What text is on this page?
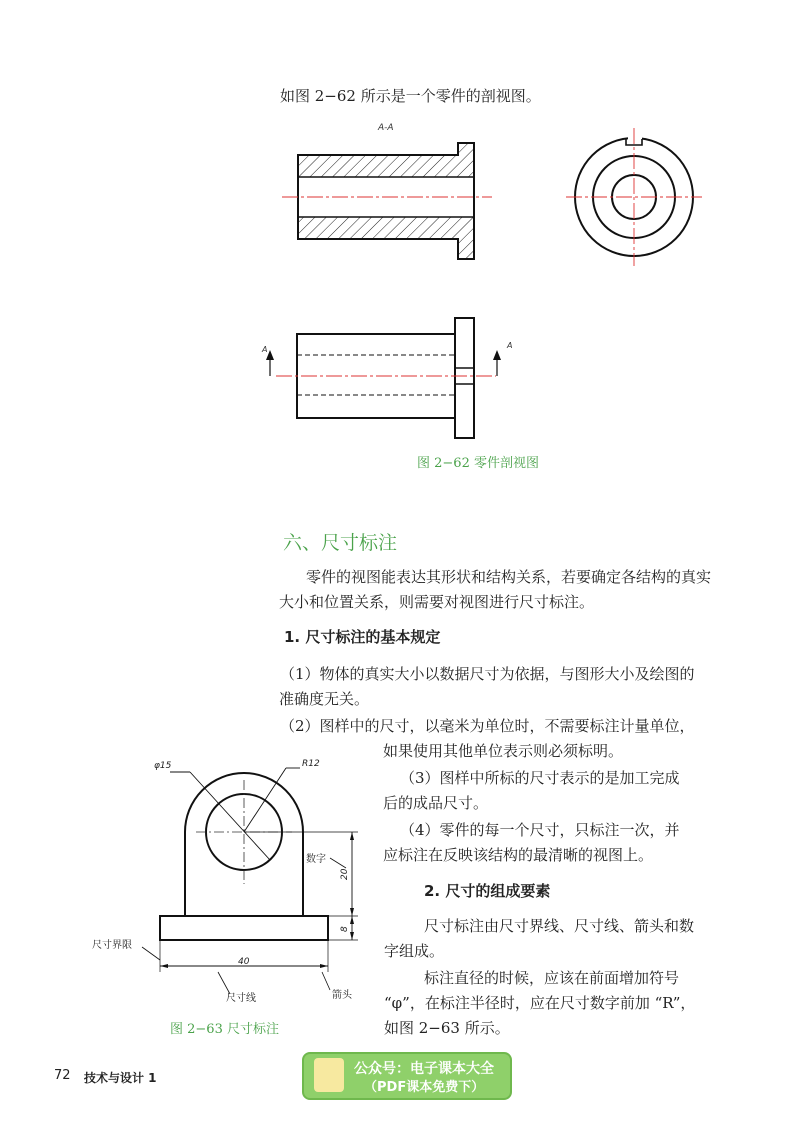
如图 2−62 所示是一个零件的剖视图。
A-A
A	A
图 2−62 零件剖视图
六、尺寸标注
零件的视图能表达其形状和结构关系，若要确定各结构的真实
大小和位置关系，则需要对视图进行尺寸标注。
1. 尺寸标注的基本规定
（1）物体的真实大小以数据尺寸为依据，与图形大小及绘图的
准确度无关。
（2）图样中的尺寸，以毫米为单位时，不需要标注计量单位，
如果使用其他单位表示则必须标明。
（3）图样中所标的尺寸表示的是加工完成
后的成品尺寸。
（4）零件的每一个尺寸，只标注一次，并
应标注在反映该结构的最清晰的视图上。
2. 尺寸的组成要素
尺寸标注由尺寸界线、尺寸线、箭头和数
字组成。
标注直径的时候，应该在前面增加符号
“φ”，在标注半径时，应在尺寸数字前加 “R”，
如图 2−63 所示。
φ15	R12
40
20
8
数字
尺寸界限
尺寸线	箭头
图 2−63 尺寸标注
72 技术与设计 1
公众号：电子课本大全
（PDF课本免费下）
